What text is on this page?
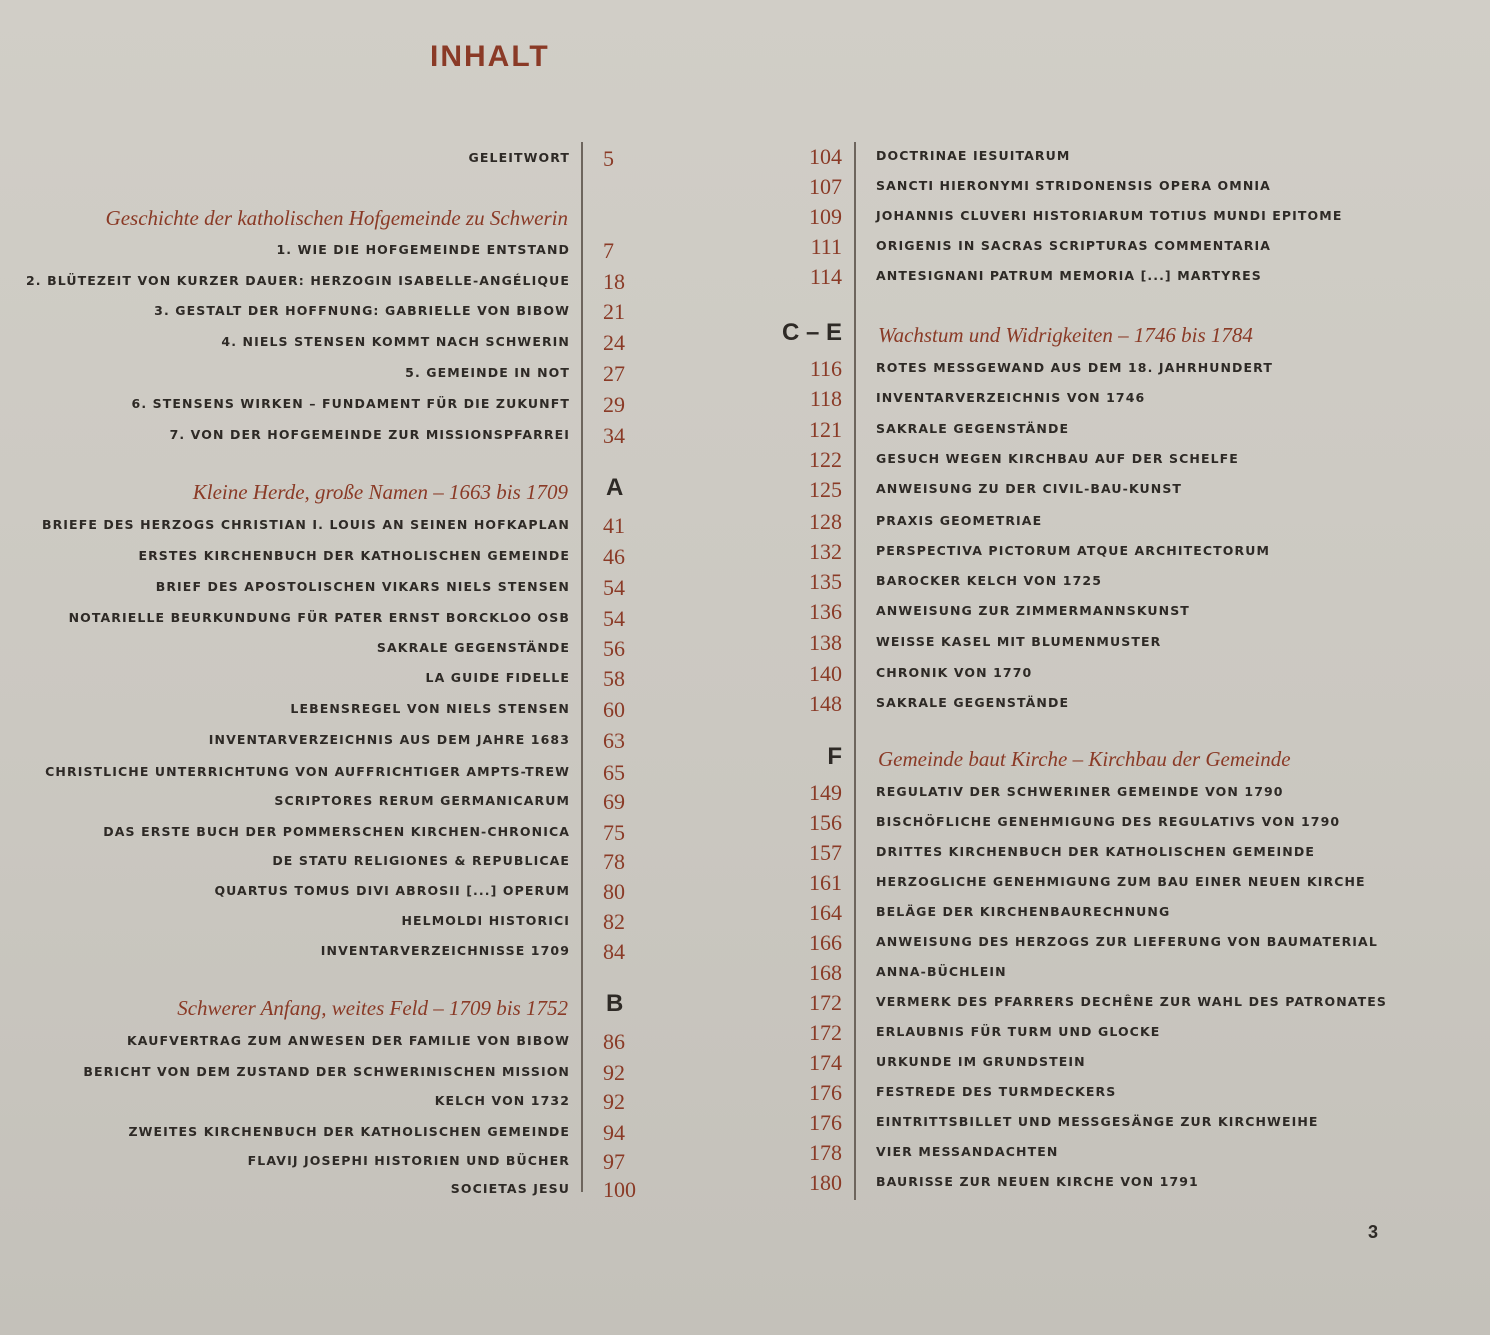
INHALT
GELEITWORT 5
Geschichte der katholischen Hofgemeinde zu Schwerin
1. WIE DIE HOFGEMEINDE ENTSTAND 7
2. BLÜTEZEIT VON KURZER DAUER: HERZOGIN ISABELLE-ANGÉLIQUE 18
3. GESTALT DER HOFFNUNG: GABRIELLE VON BIBOW 21
4. NIELS STENSEN KOMMT NACH SCHWERIN 24
5. GEMEINDE IN NOT 27
6. STENSENS WIRKEN – FUNDAMENT FÜR DIE ZUKUNFT 29
7. VON DER HOFGEMEINDE ZUR MISSIONSPFARREI 34
Kleine Herde, große Namen – 1663 bis 1709 A
BRIEFE DES HERZOGS CHRISTIAN I. LOUIS AN SEINEN HOFKAPLAN 41
ERSTES KIRCHENBUCH DER KATHOLISCHEN GEMEINDE 46
BRIEF DES APOSTOLISCHEN VIKARS NIELS STENSEN 54
NOTARIELLE BEURKUNDUNG FÜR PATER ERNST BORCKLOO OSB 54
SAKRALE GEGENSTÄNDE 56
LA GUIDE FIDELLE 58
LEBENSREGEL VON NIELS STENSEN 60
INVENTARVERZEICHNIS AUS DEM JAHRE 1683 63
CHRISTLICHE UNTERRICHTUNG VON AUFFRICHTIGER AMPTS-TREW 65
SCRIPTORES RERUM GERMANICARUM 69
DAS ERSTE BUCH DER POMMERSCHEN KIRCHEN-CHRONICA 75
DE STATU RELIGIONES & REPUBLICAE 78
QUARTUS TOMUS DIVI ABROSII [...] OPERUM 80
HELMOLDI HISTORICI 82
INVENTARVERZEICHNISSE 1709 84
Schwerer Anfang, weites Feld – 1709 bis 1752 B
KAUFVERTRAG ZUM ANWESEN DER FAMILIE VON BIBOW 86
BERICHT VON DEM ZUSTAND DER SCHWERINISCHEN MISSION 92
KELCH VON 1732 92
ZWEITES KIRCHENBUCH DER KATHOLISCHEN GEMEINDE 94
FLAVIJ JOSEPHI HISTORIEN UND BÜCHER 97
SOCIETAS JESU 100
104	DOCTRINAE IESUITARUM
107	SANCTI HIERONYMI STRIDONENSIS OPERA OMNIA
109	JOHANNIS CLUVERI HISTORIARUM TOTIUS MUNDI EPITOME
111	ORIGENIS IN SACRAS SCRIPTURAS COMMENTARIA
114	ANTESIGNANI PATRUM MEMORIA [...] MARTYRES
Wachstum und Widrigkeiten – 1746 bis 1784
C – E
116	ROTES MESSGEWAND AUS DEM 18. JAHRHUNDERT
118	INVENTARVERZEICHNIS VON 1746
121	SAKRALE GEGENSTÄNDE
122	GESUCH WEGEN KIRCHBAU AUF DER SCHELFE
125	ANWEISUNG ZU DER CIVIL-BAU-KUNST
128	PRAXIS GEOMETRIAE
132	PERSPECTIVA PICTORUM ATQUE ARCHITECTORUM
135	BAROCKER KELCH VON 1725
136	ANWEISUNG ZUR ZIMMERMANNSKUNST
138	WEISSE KASEL MIT BLUMENMUSTER
140	CHRONIK VON 1770
148	SAKRALE GEGENSTÄNDE
Gemeinde baut Kirche – Kirchbau der Gemeinde
F
149	REGULATIV DER SCHWERINER GEMEINDE VON 1790
156	BISCHÖFLICHE GENEHMIGUNG DES REGULATIVS VON 1790
157	DRITTES KIRCHENBUCH DER KATHOLISCHEN GEMEINDE
161	HERZOGLICHE GENEHMIGUNG ZUM BAU EINER NEUEN KIRCHE
164	BELÄGE DER KIRCHENBAURECHNUNG
166	ANWEISUNG DES HERZOGS ZUR LIEFERUNG VON BAUMATERIAL
168	ANNA-BÜCHLEIN
172	VERMERK DES PFARRERS DECHÊNE ZUR WAHL DES PATRONATES
172	ERLAUBNIS FÜR TURM UND GLOCKE
174	URKUNDE IM GRUNDSTEIN
176	FESTREDE DES TURMDECKERS
176	EINTRITTSBILLET UND MESSGESÄNGE ZUR KIRCHWEIHE
178	VIER MESSANDACHTEN
180	BAURISSE ZUR NEUEN KIRCHE VON 1791
3
